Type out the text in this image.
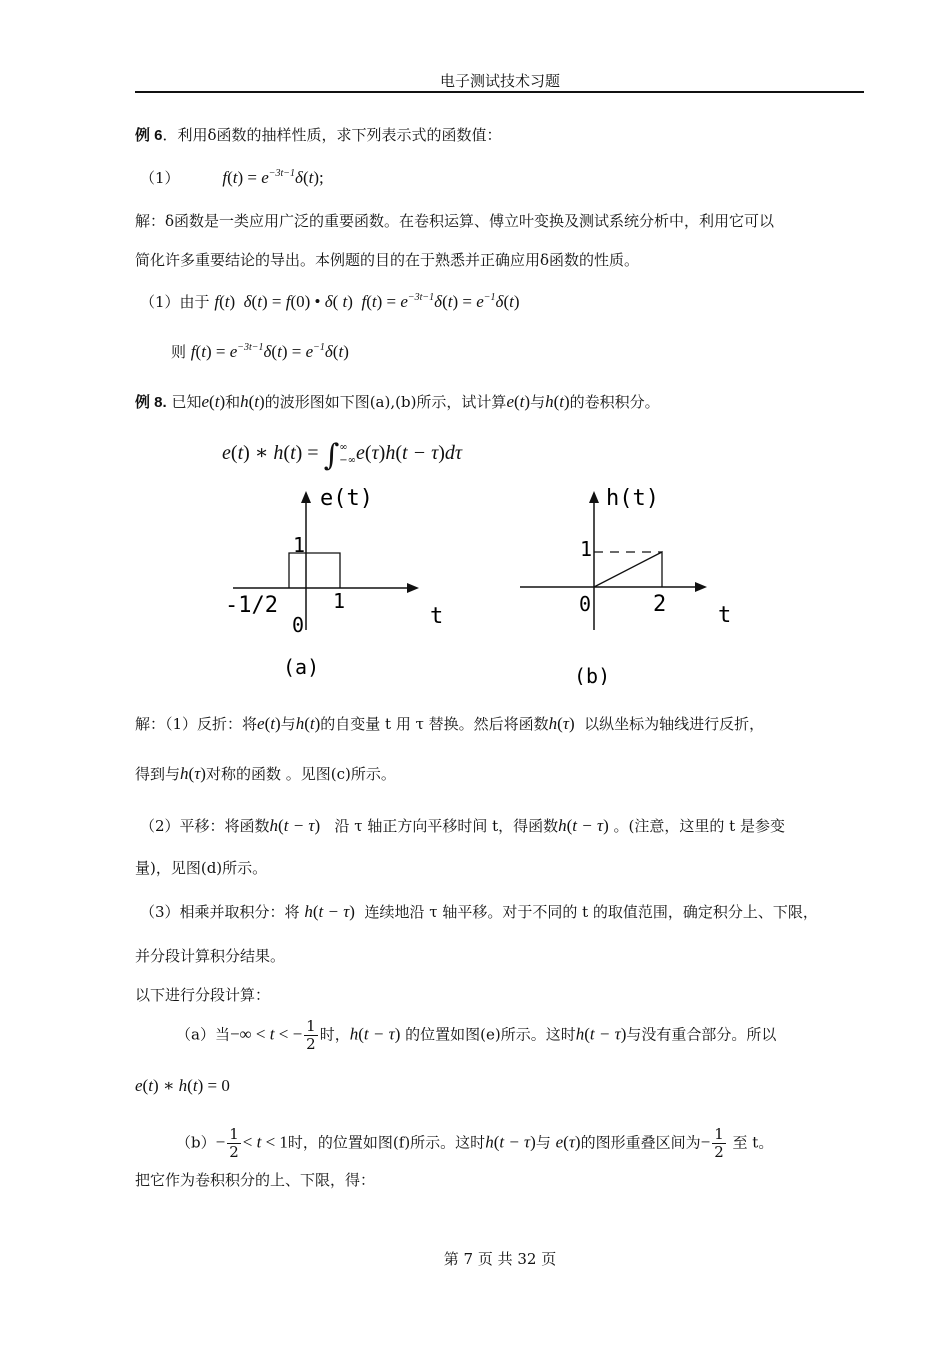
电子测试技术习题
例 6．利用δ函数的抽样性质，求下列表示式的函数值：
（1）	$f(t) = e^{-3t-1}\delta(t)$;
解：δ函数是一类应用广泛的重要函数。在卷积运算、傅立叶变换及测试系统分析中，利用它可以
简化许多重要结论的导出。本例题的目的在于熟悉并正确应用δ函数的性质。
（1）由于 f(t)  δ(t) = f(0) • δ( t)  $f(t) = e^{-3t-1}\delta(t) = e^{-1}\delta(t)$
则 $f(t) = e^{-3t-1}\delta(t) = e^{-1}\delta(t)$
例 8. 已知e(t)和h(t)的波形图如下图(a),(b)所示，试计算e(t)与h(t)的卷积积分。
e(t) ∗ h(t) = ∫∞
−∞e(τ)h(t − τ)dτ
e(t)
1
-1/2	1
0	t
(a)
h(t)
1
0	2 t
(b)
解：（1）反折：将e(t)与h(t)的自变量 t 用 τ 替换。然后将函数h(τ) 以纵坐标为轴线进行反折，
得到与h(τ)对称的函数 。见图(c)所示。
（2）平移：将函数h(t − τ) 沿 τ 轴正方向平移时间 t，得函数h(t − τ) 。(注意，这里的 t 是参变
量)，见图(d)所示。
（3）相乘并取积分：将 h(t − τ) 连续地沿 τ 轴平移。对于不同的 t 的取值范围，确定积分上、下限，
并分段计算积分结果。
以下进行分段计算：
（a）当−∞ < t < − $\frac{1}{2}$ 时，h(t − τ) 的位置如图(e)所示。这时h(t − τ)与没有重合部分。所以
e(t) ∗ h(t) = 0
$(b)- \frac{1}{2} < t < 1$时，的位置如图(f)所示。这时h(t − τ)与 e(τ)的图形重叠区间为− $\frac{1}{2}$ 至 t。
把它作为卷积积分的上、下限，得：
第 7 页 共 32 页
